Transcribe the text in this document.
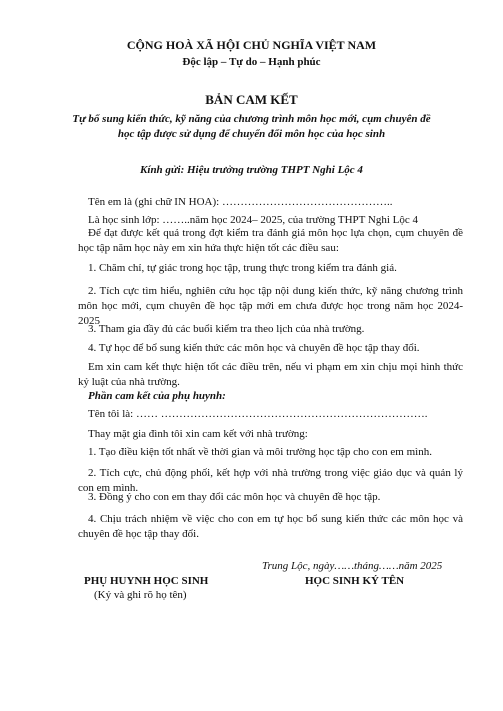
CỘNG HOÀ XÃ HỘI CHỦ NGHĨA VIỆT NAM
Độc lập – Tự do – Hạnh phúc
BẢN CAM KẾT
Tự bổ sung kiến thức, kỹ năng của chương trình môn học mới, cụm chuyên đề
học tập được sử dụng để chuyển đổi môn học của học sinh
Kính gửi: Hiệu trưởng trường THPT Nghi Lộc 4
Tên em là (ghi chữ IN HOA): ………………………………………..
Là học sinh lớp: ……..năm học 2024– 2025, của trường THPT Nghi Lộc 4
Để đạt được kết quả trong đợt kiểm tra đánh giá môn học lựa chọn, cụm chuyên đề học tập năm học này em xin hứa thực hiện tốt các điều sau:
1. Chăm chỉ, tự giác trong học tập, trung thực trong kiểm tra đánh giá.
2. Tích cực tìm hiểu, nghiên cứu học tập nội dung kiến thức, kỹ năng chương trình môn học mới, cụm chuyên đề học tập mới em chưa được học trong năm học 2024-2025
3. Tham gia đầy đủ các buổi kiểm tra theo lịch của nhà trường.
4. Tự học để bổ sung kiến thức các môn học và chuyên đề học tập thay đổi.
Em xin cam kết thực hiện tốt các điều trên, nếu vi phạm em xin chịu mọi hình thức kỷ luật của nhà trường.
Phần cam kết của phụ huynh:
Tên tôi là: …… ……………………………………………………………….
Thay mặt gia đình tôi xin cam kết với nhà trường:
1. Tạo điều kiện tốt nhất về thời gian và môi trường học tập cho con em mình.
2. Tích cực, chủ động phối, kết hợp với nhà trường trong việc giáo dục và quản lý con em mình.
3. Đồng ý cho con em thay đổi các môn học và chuyên đề học tập.
4. Chịu trách nhiệm về việc cho con em tự học bổ sung kiến thức các môn học và chuyên đề học tập thay đổi.
Trung Lộc, ngày……tháng……năm 2025
PHỤ HUYNH HỌC SINH
(Ký và ghi rõ họ tên)
HỌC SINH KÝ TÊN
